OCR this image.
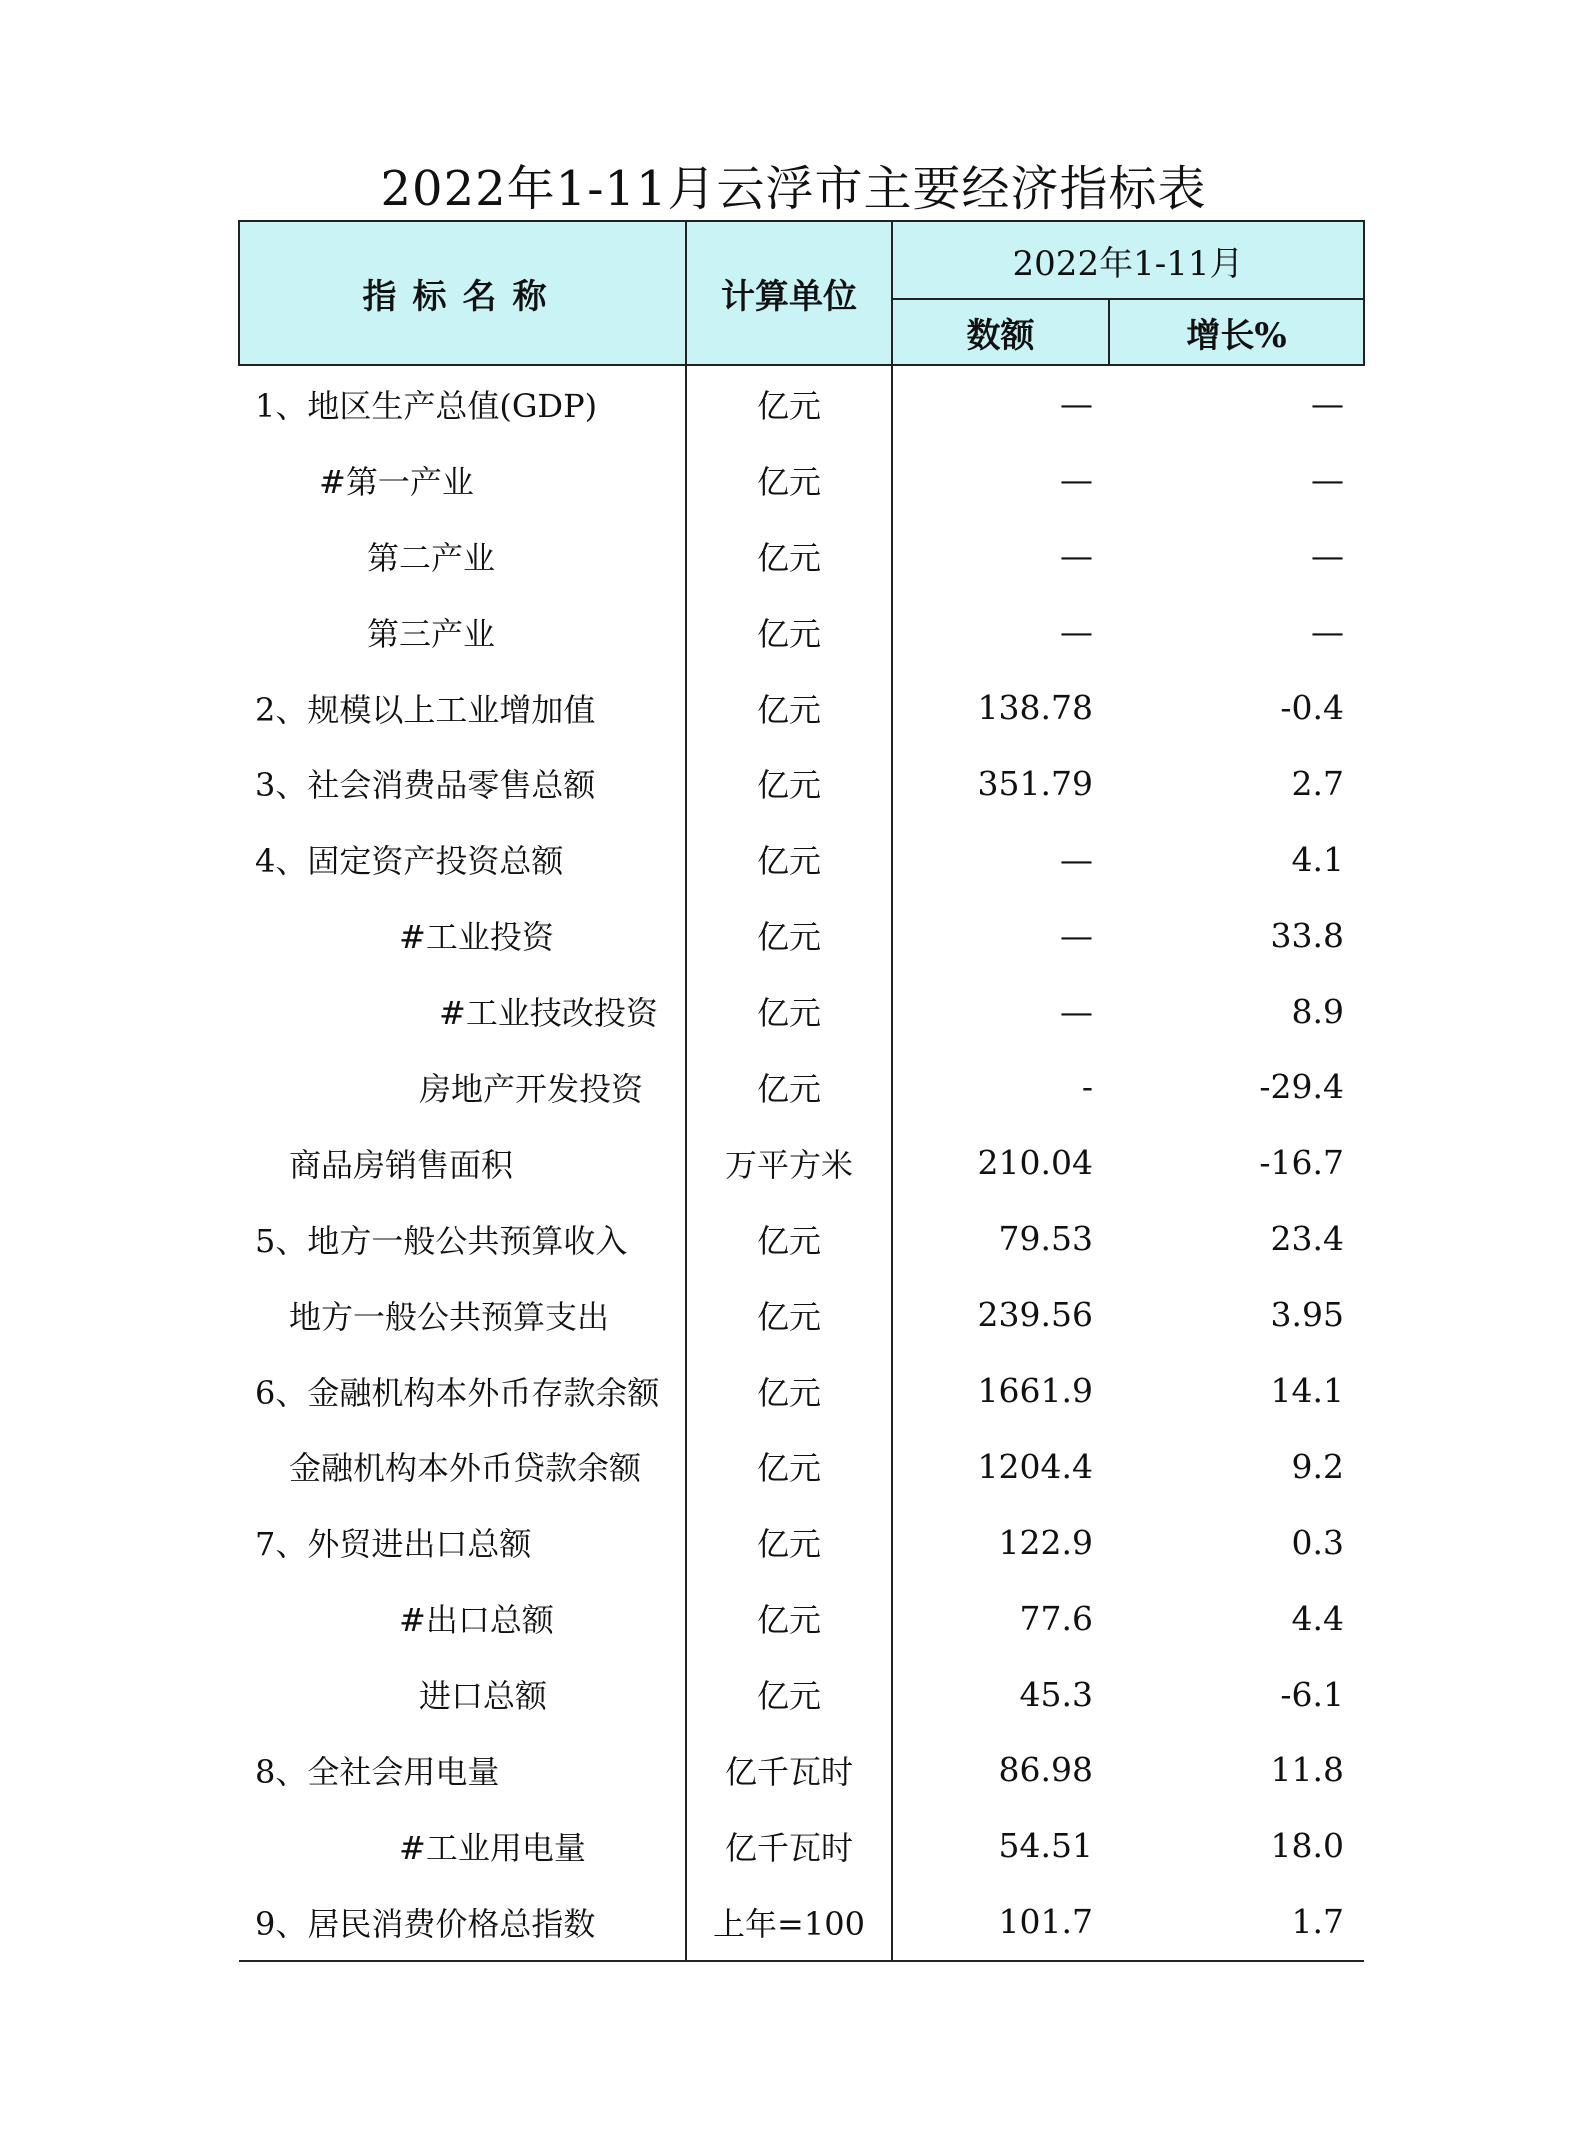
2022年1-11月云浮市主要经济指标表
指标名称	计算单位	2022年1-11月	
		数额	增长%
1、地区生产总值(GDP)	亿元	—	—
#第一产业	亿元	—	—
第二产业	亿元	—	—
第三产业	亿元	—	—
2、规模以上工业增加值	亿元	138.78	-0.4
3、社会消费品零售总额	亿元	351.79	2.7
4、固定资产投资总额	亿元	—	4.1
#工业投资	亿元	—	33.8
#工业技改投资	亿元	—	8.9
房地产开发投资	亿元	-	-29.4
商品房销售面积	万平方米	210.04	-16.7
5、地方一般公共预算收入	亿元	79.53	23.4
地方一般公共预算支出	亿元	239.56	3.95
6、金融机构本外币存款余额	亿元	1661.9	14.1
金融机构本外币贷款余额	亿元	1204.4	9.2
7、外贸进出口总额	亿元	122.9	0.3
#出口总额	亿元	77.6	4.4
进口总额	亿元	45.3	-6.1
8、全社会用电量	亿千瓦时	86.98	11.8
#工业用电量	亿千瓦时	54.51	18.0
9、居民消费价格总指数	上年=100	101.7	1.7
